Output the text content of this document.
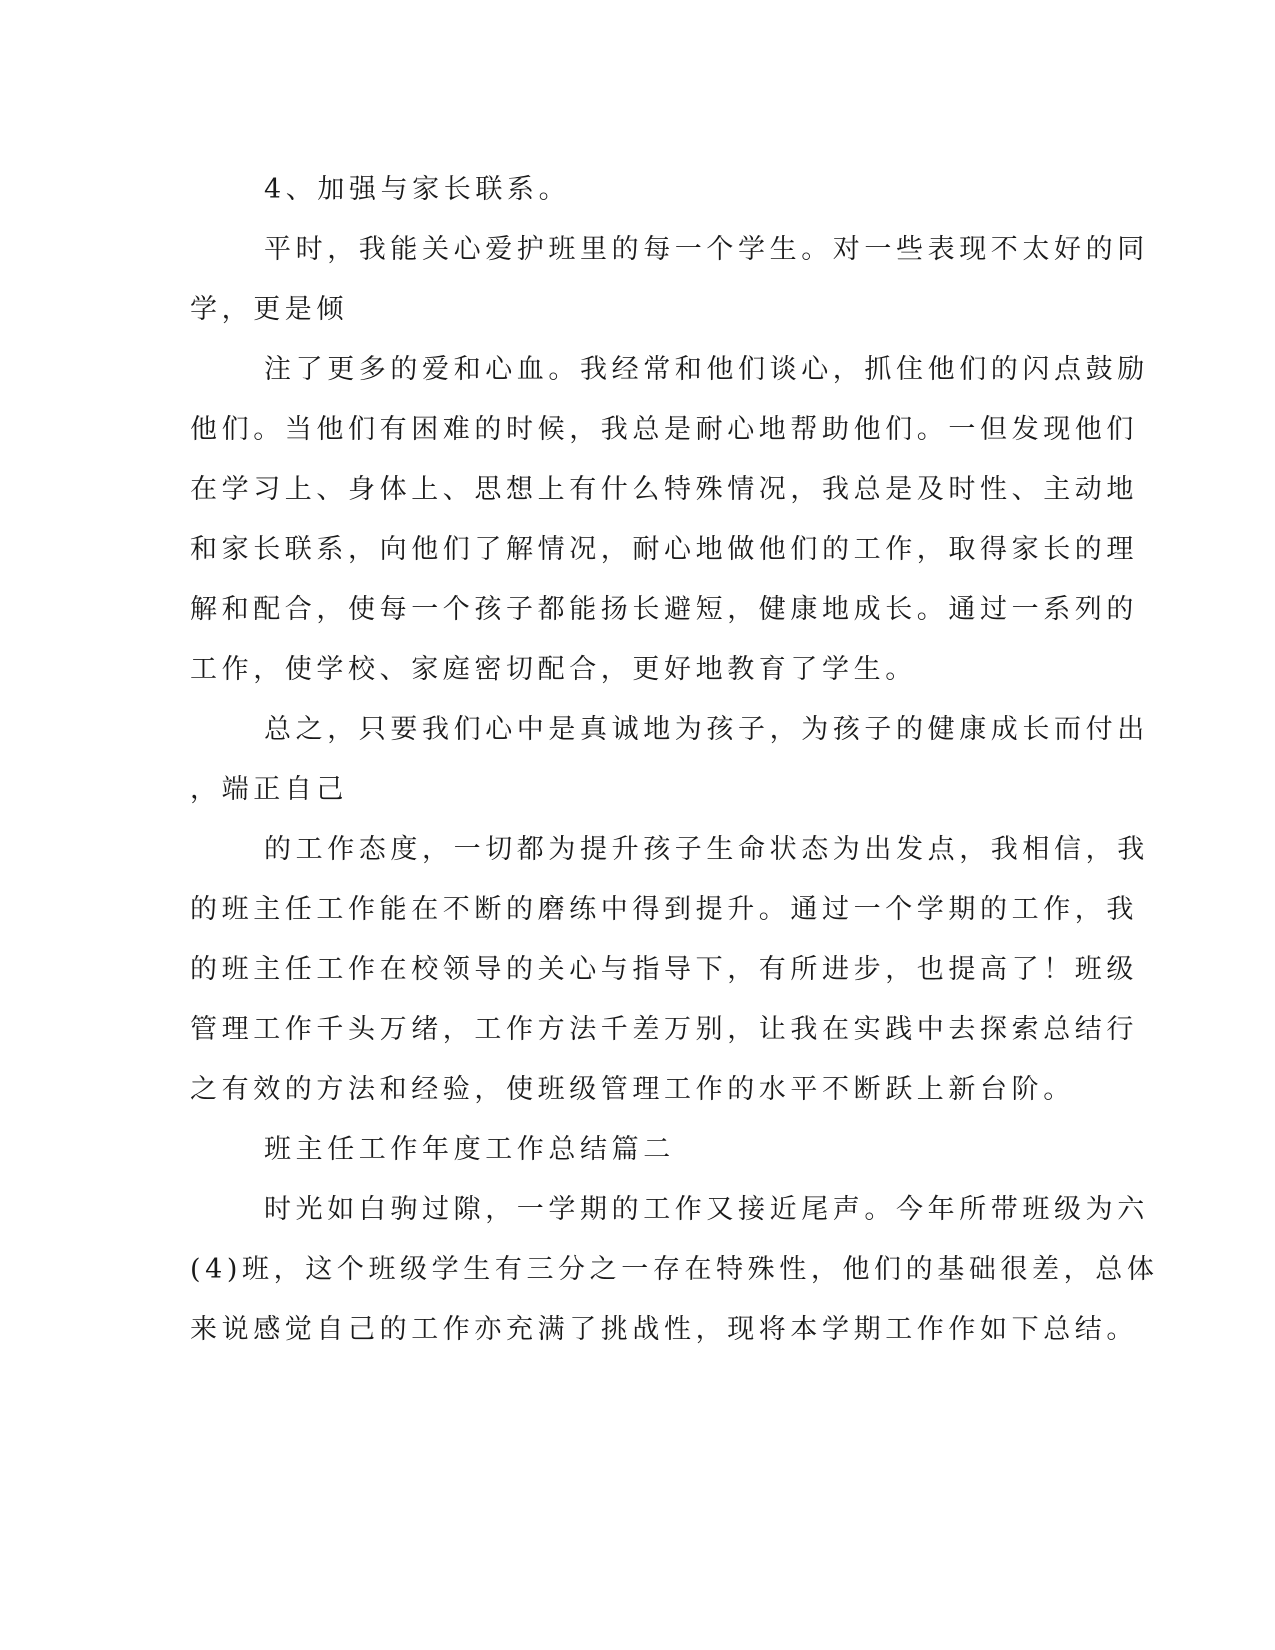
4、加强与家长联系。
平时，我能关心爱护班里的每一个学生。对一些表现不太好的同
学，更是倾
注了更多的爱和心血。我经常和他们谈心，抓住他们的闪点鼓励
他们。当他们有困难的时候，我总是耐心地帮助他们。一但发现他们
在学习上、身体上、思想上有什么特殊情况，我总是及时性、主动地
和家长联系，向他们了解情况，耐心地做他们的工作，取得家长的理
解和配合，使每一个孩子都能扬长避短，健康地成长。通过一系列的
工作，使学校、家庭密切配合，更好地教育了学生。
总之，只要我们心中是真诚地为孩子，为孩子的健康成长而付出
，端正自己
的工作态度，一切都为提升孩子生命状态为出发点，我相信，我
的班主任工作能在不断的磨练中得到提升。通过一个学期的工作，我
的班主任工作在校领导的关心与指导下，有所进步，也提高了！班级
管理工作千头万绪，工作方法千差万别，让我在实践中去探索总结行
之有效的方法和经验，使班级管理工作的水平不断跃上新台阶。
班主任工作年度工作总结篇二
时光如白驹过隙，一学期的工作又接近尾声。今年所带班级为六
(4)班，这个班级学生有三分之一存在特殊性，他们的基础很差，总体
来说感觉自己的工作亦充满了挑战性，现将本学期工作作如下总结。
